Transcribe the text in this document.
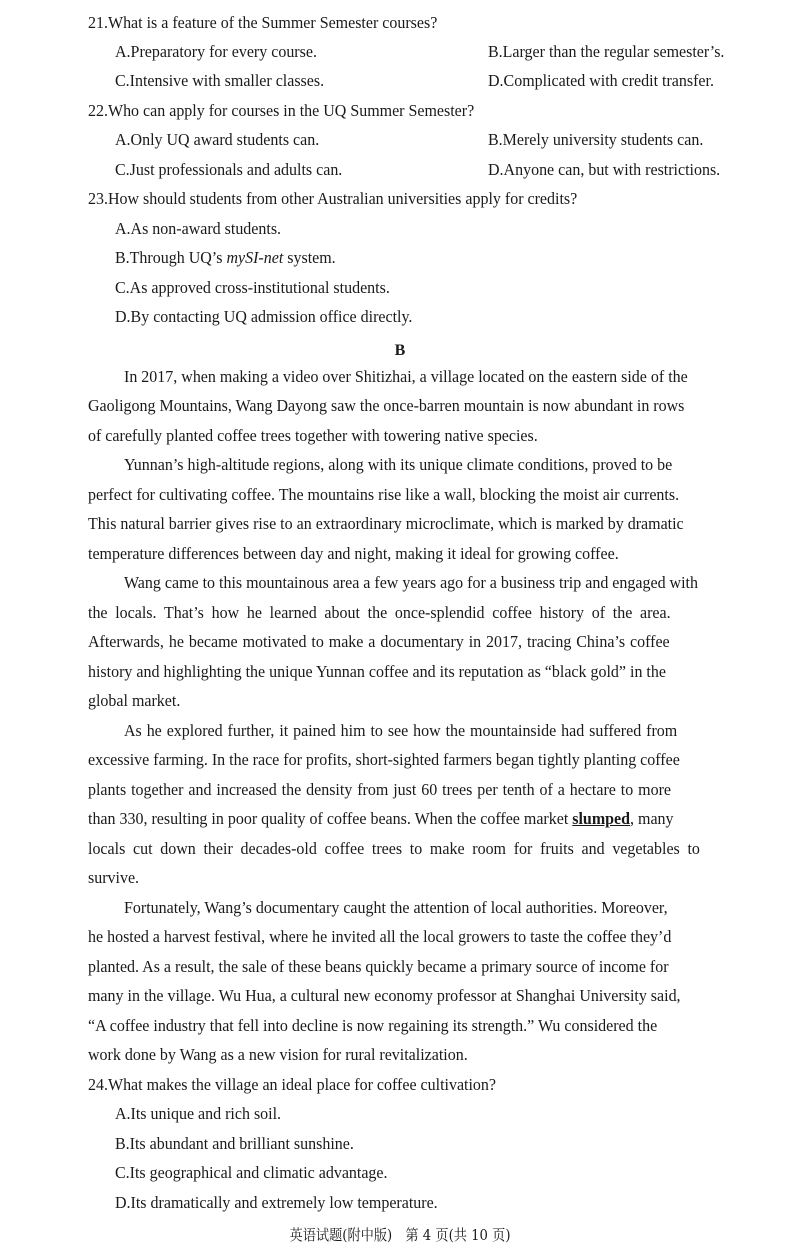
21.What is a feature of the Summer Semester courses?
A.Preparatory for every course.	B.Larger than the regular semester’s.
C.Intensive with smaller classes.	D.Complicated with credit transfer.
22.Who can apply for courses in the UQ Summer Semester?
A.Only UQ award students can.	B.Merely university students can.
C.Just professionals and adults can.	D.Anyone can, but with restrictions.
23.How should students from other Australian universities apply for credits?
A.As non-award students.
B.Through UQ’s mySI-net system.
C.As approved cross-institutional students.
D.By contacting UQ admission office directly.
B
In 2017, when making a video over Shitizhai, a village located on the eastern side of the
Gaoligong Mountains, Wang Dayong saw the once-barren mountain is now abundant in rows
of carefully planted coffee trees together with towering native species.
Yunnan’s high-altitude regions, along with its unique climate conditions, proved to be
perfect for cultivating coffee. The mountains rise like a wall, blocking the moist air currents.
This natural barrier gives rise to an extraordinary microclimate, which is marked by dramatic
temperature differences between day and night, making it ideal for growing coffee.
Wang came to this mountainous area a few years ago for a business trip and engaged with
the locals. That’s how he learned about the once-splendid coffee history of the area.
Afterwards, he became motivated to make a documentary in 2017, tracing China’s coffee
history and highlighting the unique Yunnan coffee and its reputation as “black gold” in the
global market.
As he explored further, it pained him to see how the mountainside had suffered from
excessive farming. In the race for profits, short-sighted farmers began tightly planting coffee
plants together and increased the density from just 60 trees per tenth of a hectare to more
than 330, resulting in poor quality of coffee beans. When the coffee market slumped, many
locals cut down their decades-old coffee trees to make room for fruits and vegetables to
survive.
Fortunately, Wang’s documentary caught the attention of local authorities. Moreover,
he hosted a harvest festival, where he invited all the local growers to taste the coffee they’d
planted. As a result, the sale of these beans quickly became a primary source of income for
many in the village. Wu Hua, a cultural new economy professor at Shanghai University said,
“A coffee industry that fell into decline is now regaining its strength.” Wu considered the
work done by Wang as a new vision for rural revitalization.
24.What makes the village an ideal place for coffee cultivation?
A.Its unique and rich soil.
B.Its abundant and brilliant sunshine.
C.Its geographical and climatic advantage.
D.Its dramatically and extremely low temperature.
英语试题(附中版)　第 4 页(共 10 页)
